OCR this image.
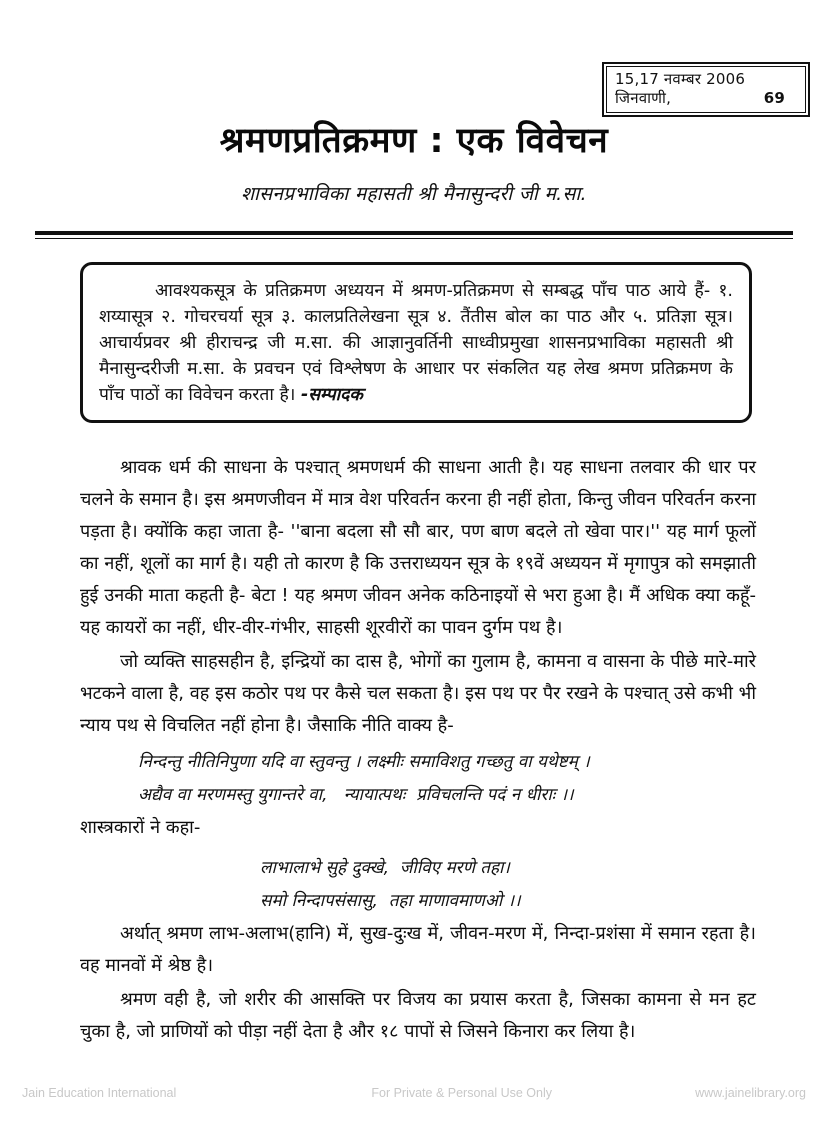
15,17 नवम्बर 2006
जिनवाणी,	69
श्रमणप्रतिक्रमण : एक विवेचन
शासनप्रभाविका महासती श्री मैनासुन्दरी जी म.सा.

आवश्यकसूत्र के प्रतिक्रमण अध्ययन में श्रमण-प्रतिक्रमण से सम्बद्ध पाँच पाठ आये हैं- १. शय्यासूत्र २. गोचरचर्या सूत्र ३. कालप्रतिलेखना सूत्र ४. तैंतीस बोल का पाठ और ५. प्रतिज्ञा सूत्र। आचार्यप्रवर श्री हीराचन्द्र जी म.सा. की आज्ञानुवर्तिनी साध्वीप्रमुखा शासनप्रभाविका महासती श्री मैनासुन्दरीजी म.सा. के प्रवचन एवं विश्लेषण के आधार पर संकलित यह लेख श्रमण प्रतिक्रमण के पाँच पाठों का विवेचन करता है। -सम्पादक

श्रावक धर्म की साधना के पश्चात् श्रमणधर्म की साधना आती है। यह साधना तलवार की धार पर चलने के समान है। इस श्रमणजीवन में मात्र वेश परिवर्तन करना ही नहीं होता, किन्तु जीवन परिवर्तन करना पड़ता है। क्योंकि कहा जाता है- ''बाना बदला सौ सौ बार, पण बाण बदले तो खेवा पार।'' यह मार्ग फूलों का नहीं, शूलों का मार्ग है। यही तो कारण है कि उत्तराध्ययन सूत्र के १९वें अध्ययन में मृगापुत्र को समझाती हुई उनकी माता कहती है- बेटा ! यह श्रमण जीवन अनेक कठिनाइयों से भरा हुआ है। मैं अधिक क्या कहूँ- यह कायरों का नहीं, धीर-वीर-गंभीर, साहसी शूरवीरों का पावन दुर्गम पथ है।

जो व्यक्ति साहसहीन है, इन्द्रियों का दास है, भोगों का गुलाम है, कामना व वासना के पीछे मारे-मारे भटकने वाला है, वह इस कठोर पथ पर कैसे चल सकता है। इस पथ पर पैर रखने के पश्चात् उसे कभी भी न्याय पथ से विचलित नहीं होना है। जैसाकि नीति वाक्य है-

निन्दन्तु नीतिनिपुणा यदि वा स्तुवन्तु । लक्ष्मीः समाविशतु गच्छतु वा यथेष्टम् ।
अद्यैव वा मरणमस्तु युगान्तरे वा,   न्यायात्पथः  प्रविचलन्ति पदं न धीराः ।।

शास्त्रकारों ने कहा-

लाभालाभे सुहे दुक्खे,  जीविए मरणे तहा।
समो निन्दापसंसासु,  तहा माणावमाणओ ।।

अर्थात् श्रमण लाभ-अलाभ(हानि) में, सुख-दुःख में, जीवन-मरण में, निन्दा-प्रशंसा में समान रहता है। वह मानवों में श्रेष्ठ है।

श्रमण वही है, जो शरीर की आसक्ति पर विजय का प्रयास करता है, जिसका कामना से मन हट चुका है, जो प्राणियों को पीड़ा नहीं देता है और १८ पापों से जिसने किनारा कर लिया है।

Jain Education International	For Private & Personal Use Only	www.jainelibrary.org
